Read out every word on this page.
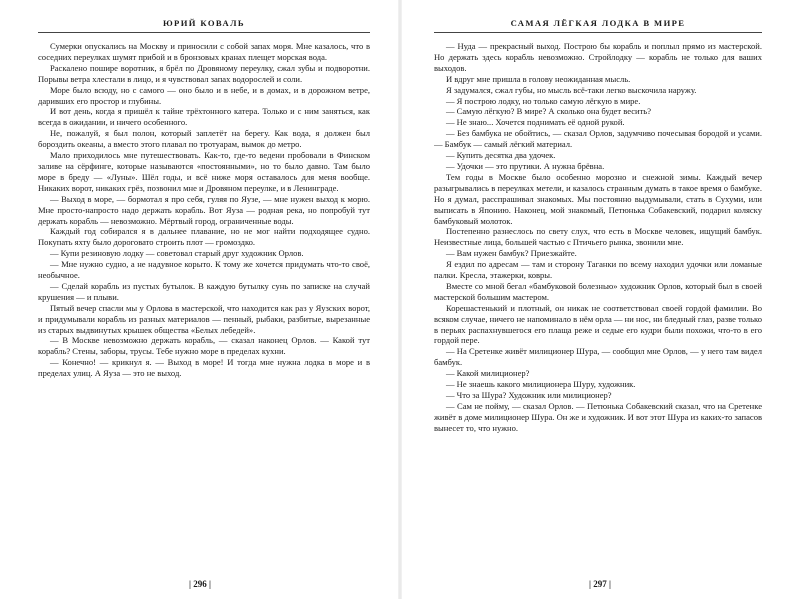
ЮРИЙ КОВАЛЬ

Сумерки опускались на Москву и приносили с собой запах моря. Мне казалось, что в соседних переулках шумят прибой и в бронзовых кранах плещет морская вода.

Раскалено пошире воротник, я брёл по Дровяному переулку, сжал зубы и подворотни. Порывы ветра хлестали в лицо, и я чувствовал запах водорослей и соли.

Море было всюду, но с самого — оно было и в небе, и в домах, и в дорожном ветре, даривших его простор и глубины.

И вот день, когда я пришёл к тайне трёхтонного катера. Только и с ним заняться, как всегда в ожидании, и ничего особенного.

Не, пожалуй, я был полон, который заплетёт на берегу. Как вода, я должен был бороздить океаны, а вместо этого плавал по тротуарам, вымок до метро.

Мало приходилось мне путешествовать. Как-то, где-то ведени пробовали в Финском заливе на сёрфинге, которые называются «постоянными», но то было давно. Там было море в бреду — «Луны». Шёл годы, и всё ниже моря оставалось для меня вообще. Никаких ворот, никаких грёз, позвонил мне и Дровяном переулке, и в Ленинграде.

— Выход в море, — бормотал я про себя, гуляя по Яузе, — мне нужен выход к морю. Мне просто-напросто надо держать корабль. Вот Яуза — родная река, но попробуй тут держать корабль — невозможно. Мёртвый город, ограниченные воды.

Каждый год собирался я в дальнее плавание, но не мог найти подходящее судно. Покупать яхту было дороговато строить плот — громоздко.

— Купи резиновую лодку — советовал старый друг художник Орлов.

— Мне нужно судно, а не надувное корыто. К тому же хочется придумать что-то своё, необычное.

— Сделай корабль из пустых бутылок. В каждую бутылку сунь по записке на случай крушения — и плыви.

Пятый вечер спасли мы у Орлова в мастерской, что находится как раз у Яузских ворот, и придумывали корабль из разных материалов — пенный, рыбаки, разбитые, вырезанные из старых выдвинутых крышек общества «Белых лебедей».

— В Москве невозможно держать корабль, — сказал наконец Орлов. — Какой тут корабль? Стены, заборы, трусы. Тебе нужно море в пределах кухни.

— Конечно! — крикнул я. — Выход в море! И тогда мне нужна лодка в море и в пределах улиц. А Яуза — это не выход.

| 296 |
САМАЯ ЛЁГКАЯ ЛОДКА В МИРЕ

— Нуда — прекрасный выход. Построю бы корабль и поплыл прямо из мастерской. Но держать здесь корабль невозможно. Стройлодку — корабль не только для ваших выходов.

И вдруг мне пришла в голову неожиданная мысль.

Я задумался, сжал губы, но мысль всё-таки легко выскочила наружу.

— Я построю лодку, но только самую лёгкую в мире.

— Самую лёгкую? В мире? А сколько она будет весить?

— Не знаю... Хочется поднимать её одной рукой.

— Без бамбука не обойтись, — сказал Орлов, задумчиво почесывая бородой и усами. — Бамбук — самый лёгкий материал.

— Купить десятка два удочек.

— Удочки — это прутики. А нужна брёвна.

Тем годы в Москве было особенно морозно и снежной зимы. Каждый вечер разыгрывались в переулках метели, и казалось странным думать в такое время о бамбуке. Но я думал, расспрашивал знакомых. Мы постоянно выдумывали, стать в Сухуми, или выписать в Японию. Наконец, мой знакомый, Петюнька Собакевский, подарил коляску бамбуковый молоток.

Постепенно разнеслось по свету слух, что есть в Москве человек, ищущий бамбук. Неизвестные лица, большей частью с Птичьего рынка, звонили мне.

— Вам нужен бамбук? Приезжайте.

Я ездил по адресам — там и сторону Таганки по всему находил удочки или ломаные палки. Кресла, этажерки, ковры.

Вместе со мной бегал «бамбуковой болезнью» художник Орлов, который был в своей мастерской большим мастером.

Корешастенький и плотный, он никак не соответствовал своей гордой фамилии. Во всяком случае, ничего не напоминало в нём орла — ни нос, ни бледный глаз, разве только в перьях распахнувшегося его плаща реже и седые его кудри были похожи, что-то в его гордой пере.

— На Сретенке живёт милиционер Шура, — сообщил мне Орлов, — у него там видел бамбук.

— Какой милиционер?

— Не знаешь какого милиционера Шуру, художник.

— Что за Шура? Художник или милиционер?

— Сам не пойму, — сказал Орлов. — Петюнька Собакевский сказал, что на Сретенке живёт в доме милиционер Шура. Он же и художник. И вот этот Шура из каких-то запасов вынесет то, что нужно.

| 297 |
